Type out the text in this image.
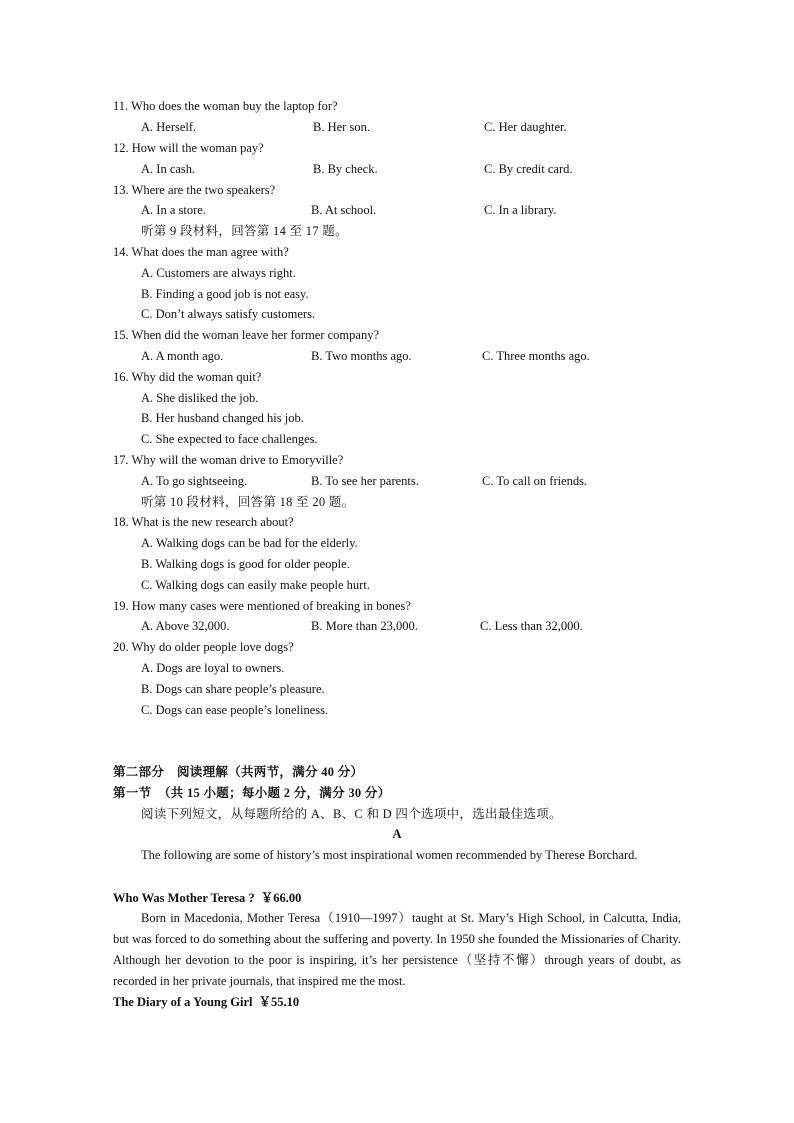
11. Who does the woman buy the laptop for?
A. Herself.	B. Her son.	C. Her daughter.
12. How will the woman pay?
A. In cash.	B. By check.	C. By credit card.
13. Where are the two speakers?
A. In a store.	B. At school.	C. In a library.
听第 9 段材料，回答第 14 至 17 题。
14. What does the man agree with?
A. Customers are always right.
B. Finding a good job is not easy.
C. Don’t always satisfy customers.
15. When did the woman leave her former company?
A. A month ago.	B. Two months ago.	C. Three months ago.
16. Why did the woman quit?
A. She disliked the job.
B. Her husband changed his job.
C. She expected to face challenges.
17. Why will the woman drive to Emoryville?
A. To go sightseeing.	B. To see her parents.	C. To call on friends.
听第 10 段材料，回答第 18 至 20 题。
18. What is the new research about?
A. Walking dogs can be bad for the elderly.
B. Walking dogs is good for older people.
C. Walking dogs can easily make people hurt.
19. How many cases were mentioned of breaking in bones?
A. Above 32,000.	B. More than 23,000.	C. Less than 32,000.
20. Why do older people love dogs?
A. Dogs are loyal to owners.
B. Dogs can share people’s pleasure.
C. Dogs can ease people’s loneliness.
第二部分　阅读理解（共两节，满分 40 分）
第一节　（共 15 小题；每小题 2 分，满分 30 分）
阅读下列短文，从每题所给的 A、B、C 和 D 四个选项中，选出最佳选项。
A
The following are some of history’s most inspirational women recommended by Therese Borchard.
Who Was Mother Teresa ? ￥66.00
Born in Macedonia, Mother Teresa（1910—1997）taught at St. Mary’s High School, in Calcutta, India, but was forced to do something about the suffering and poverty. In 1950 she founded the Missionaries of Charity. Although her devotion to the poor is inspiring, it’s her persistence（坚持不懈）through years of doubt, as recorded in her private journals, that inspired me the most.
The Diary of a Young Girl ￥55.10
